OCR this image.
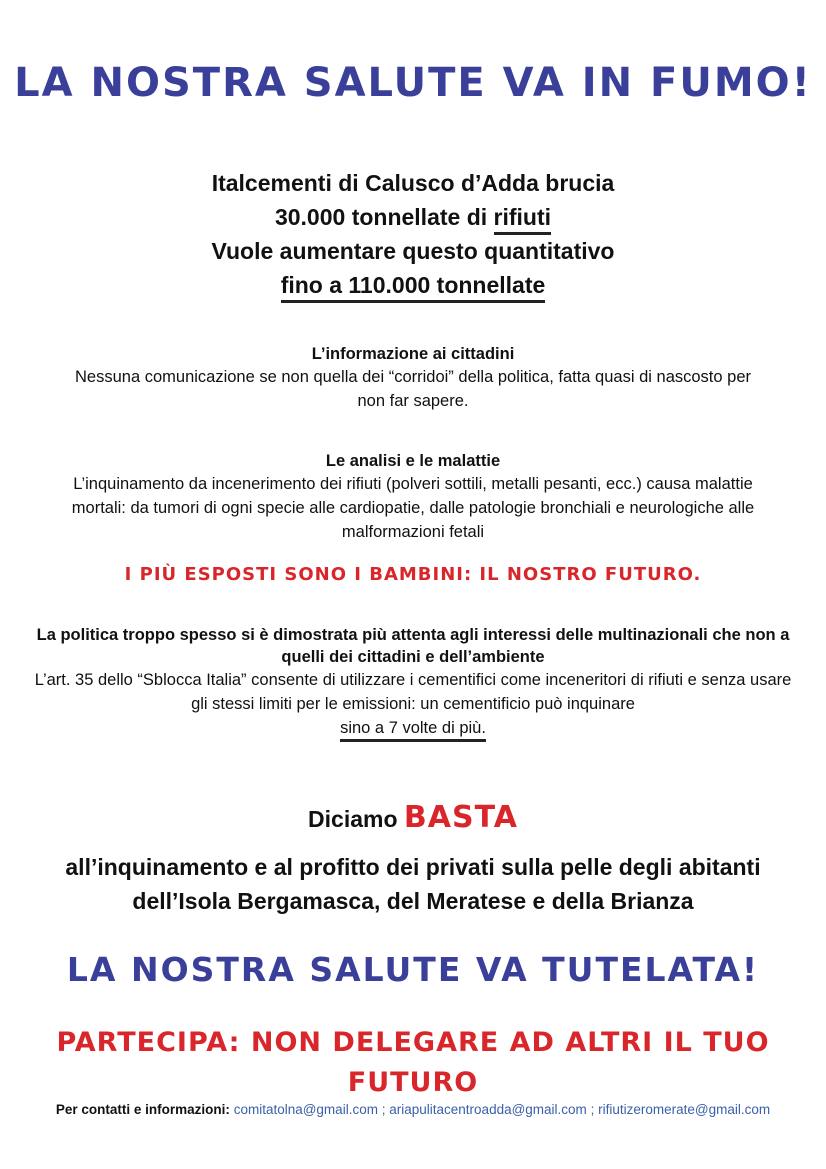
LA NOSTRA SALUTE VA IN FUMO!
Italcementi di Calusco d’Adda brucia
30.000 tonnellate di rifiuti
Vuole aumentare questo quantitativo
fino a 110.000 tonnellate
L’informazione ai cittadini
Nessuna comunicazione se non quella dei “corridoi” della politica, fatta quasi di nascosto per non far sapere.
Le analisi e le malattie
L’inquinamento da incenerimento dei rifiuti (polveri sottili, metalli pesanti, ecc.) causa malattie mortali: da tumori di ogni specie alle cardiopatie, dalle patologie bronchiali e neurologiche alle malformazioni fetali
I PIÙ ESPOSTI SONO I BAMBINI: IL NOSTRO FUTURO.
La politica troppo spesso si è dimostrata più attenta agli interessi delle multinazionali che non a quelli dei cittadini e dell’ambiente
L’art. 35 dello “Sblocca Italia” consente di utilizzare i cementifici come inceneritori di rifiuti e senza usare gli stessi limiti per le emissioni: un cementificio può inquinare
sino a 7 volte di più.
Diciamo BASTA
all’inquinamento e al profitto dei privati sulla pelle degli abitanti
dell’Isola Bergamasca, del Meratese e della Brianza
LA NOSTRA SALUTE VA TUTELATA!
PARTECIPA: NON DELEGARE AD ALTRI IL TUO FUTURO
Per contatti e informazioni: comitatolna@gmail.com ; ariapulitacentroadda@gmail.com ; rifiutizeromerate@gmail.com
